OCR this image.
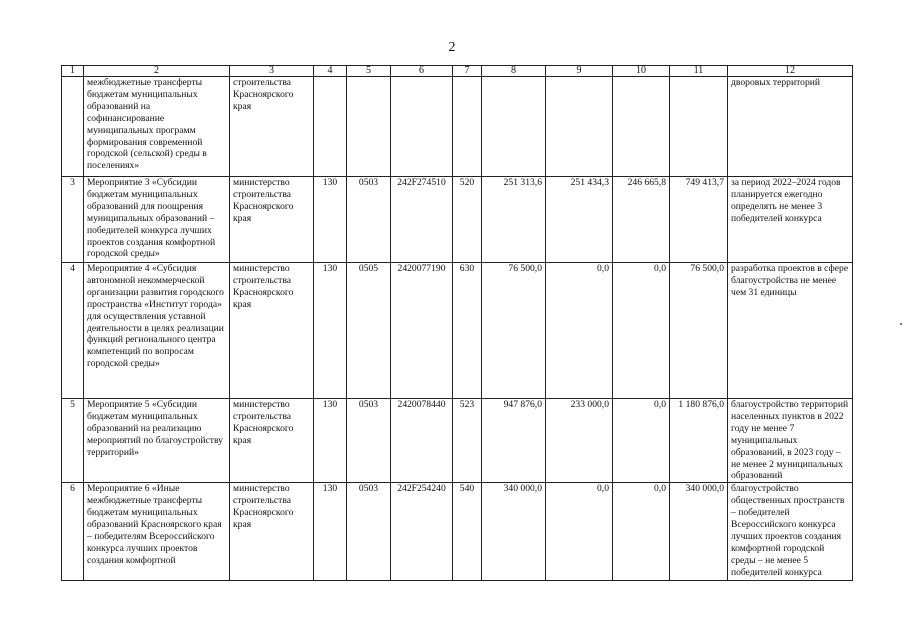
2
1	2	3	4	5	6	7	8	9	10	11	12
	межбюджетные трансферты бюджетам муниципальных образований на софинансирование муниципальных программ формирования современной городской (сельской) среды в поселениях»	строительства Красноярского края									дворовых территорий
3	Мероприятие 3 «Субсидии бюджетам муниципальных образований для поощрения муниципальных образований – победителей конкурса лучших проектов создания комфортной городской среды»	министерство строительства Красноярского края	130	0503	242F274510	520	251 313,6	251 434,3	246 665,8	749 413,7	за период 2022–2024 годов планируется ежегодно определять не менее 3 победителей конкурса
4	Мероприятие 4 «Субсидия автономной некоммерческой организации развития городского пространства «Институт города» для осуществления уставной деятельности в целях реализации функций регионального центра компетенций по вопросам городской среды»	министерство строительства Красноярского края	130	0505	2420077190	630	76 500,0	0,0	0,0	76 500,0	разработка проектов в сфере благоустройства не менее чем 31 единицы
5	Мероприятие 5 «Субсидии бюджетам муниципальных образований на реализацию мероприятий по благоустройству территорий»	министерство строительства Красноярского края	130	0503	2420078440	523	947 876,0	233 000,0	0,0	1 180 876,0	благоустройство территорий населенных пунктов в 2022 году не менее 7 муниципальных образований, в 2023 году – не менее 2 муниципальных образований
6	Мероприятие 6 «Иные межбюджетные трансферты бюджетам муниципальных образований Красноярского края – победителям Всероссийского конкурса лучших проектов создания комфортной	министерство строительства Красноярского края	130	0503	242F254240	540	340 000,0	0,0	0,0	340 000,0	благоустройство общественных пространств – победителей Всероссийского конкурса лучших проектов создания комфортной городской среды – не менее 5 победителей конкурса
